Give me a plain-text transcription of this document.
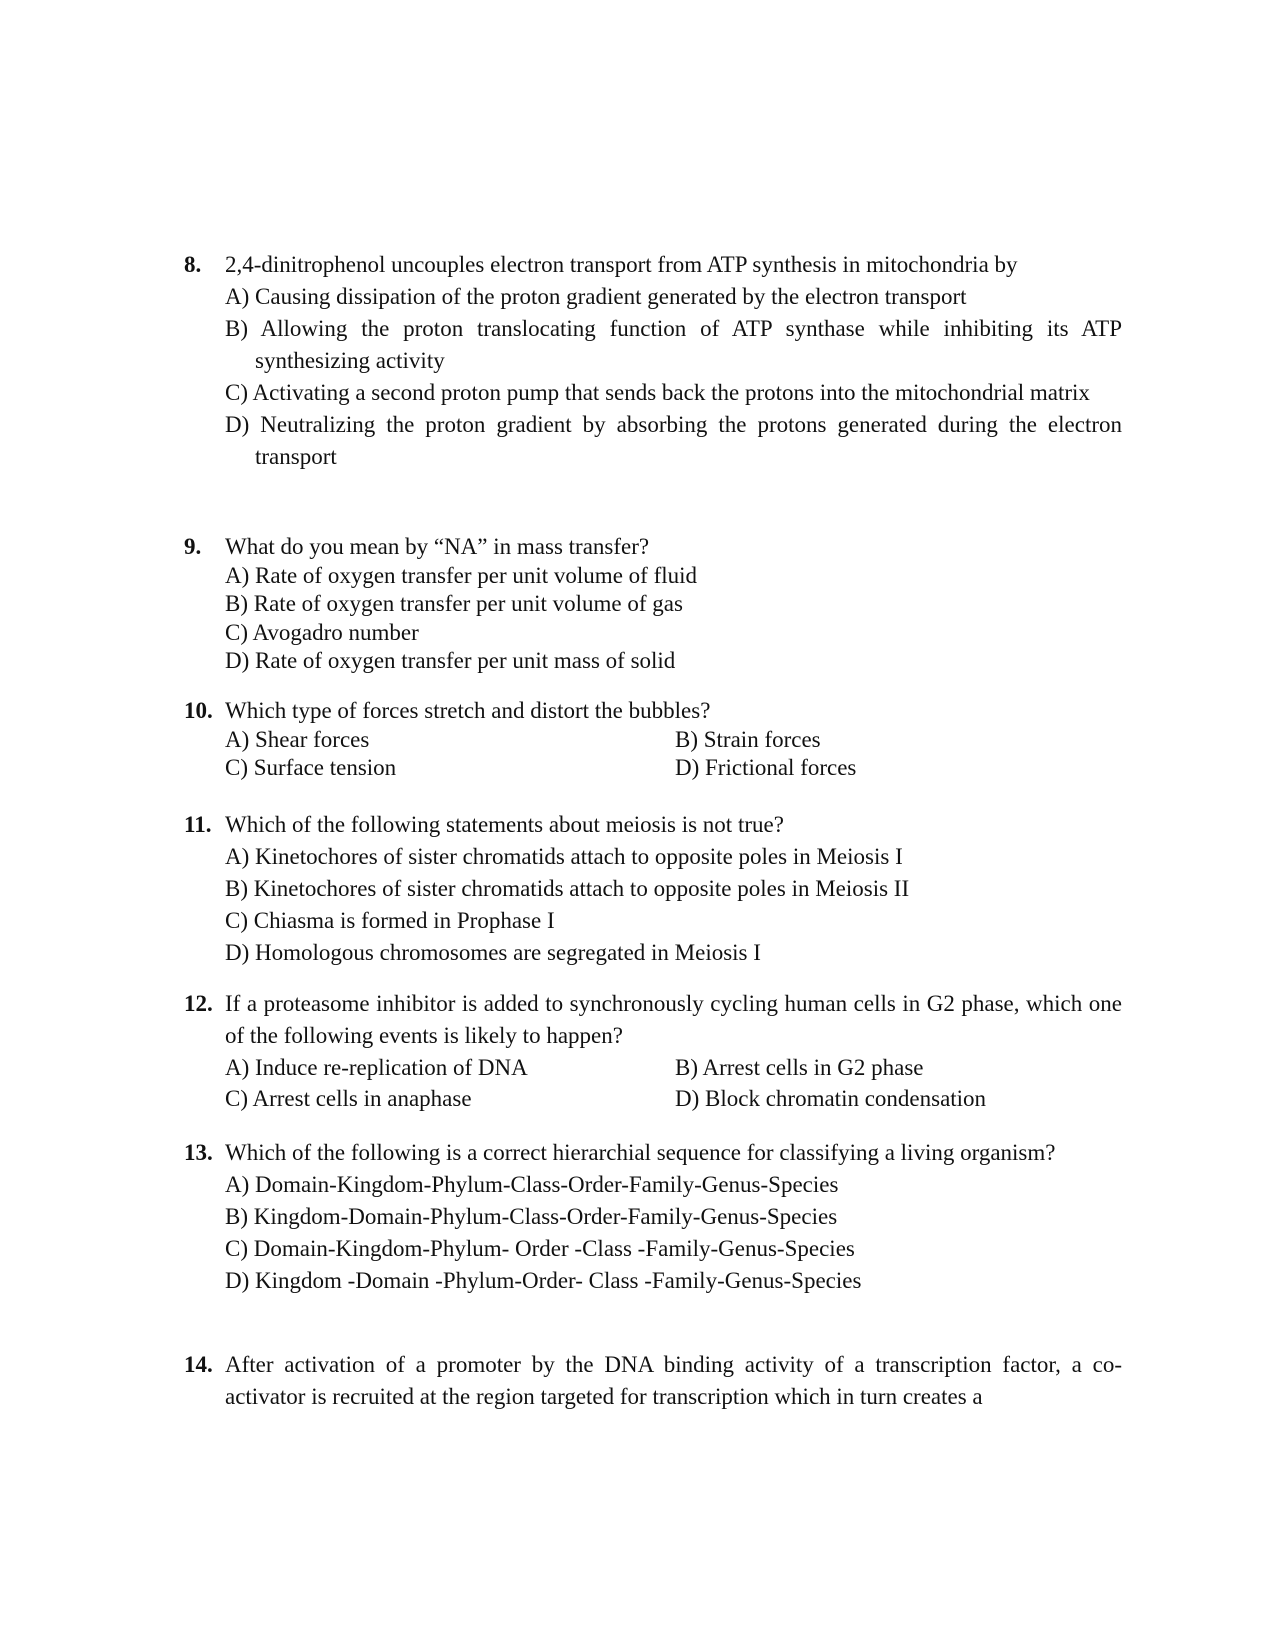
8. 2,4-dinitrophenol uncouples electron transport from ATP synthesis in mitochondria by
A) Causing dissipation of the proton gradient generated by the electron transport
B) Allowing the proton translocating function of ATP synthase while inhibiting its ATP synthesizing activity
C) Activating a second proton pump that sends back the protons into the mitochondrial matrix
D) Neutralizing the proton gradient by absorbing the protons generated during the electron transport
9. What do you mean by “NA” in mass transfer?
A) Rate of oxygen transfer per unit volume of fluid
B) Rate of oxygen transfer per unit volume of gas
C) Avogadro number
D) Rate of oxygen transfer per unit mass of solid
10. Which type of forces stretch and distort the bubbles?
A) Shear forces	B) Strain forces
C) Surface tension	D) Frictional forces
11. Which of the following statements about meiosis is not true?
A) Kinetochores of sister chromatids attach to opposite poles in Meiosis I
B) Kinetochores of sister chromatids attach to opposite poles in Meiosis II
C) Chiasma is formed in Prophase I
D) Homologous chromosomes are segregated in Meiosis I
12. If a proteasome inhibitor is added to synchronously cycling human cells in G2 phase, which one of the following events is likely to happen?
A) Induce re-replication of DNA	B) Arrest cells in G2 phase
C) Arrest cells in anaphase	D) Block chromatin condensation
13. Which of the following is a correct hierarchial sequence for classifying a living organism?
A) Domain-Kingdom-Phylum-Class-Order-Family-Genus-Species
B) Kingdom-Domain-Phylum-Class-Order-Family-Genus-Species
C) Domain-Kingdom-Phylum- Order -Class -Family-Genus-Species
D) Kingdom -Domain -Phylum-Order- Class -Family-Genus-Species
14. After activation of a promoter by the DNA binding activity of a transcription factor, a co-activator is recruited at the region targeted for transcription which in turn creates a
